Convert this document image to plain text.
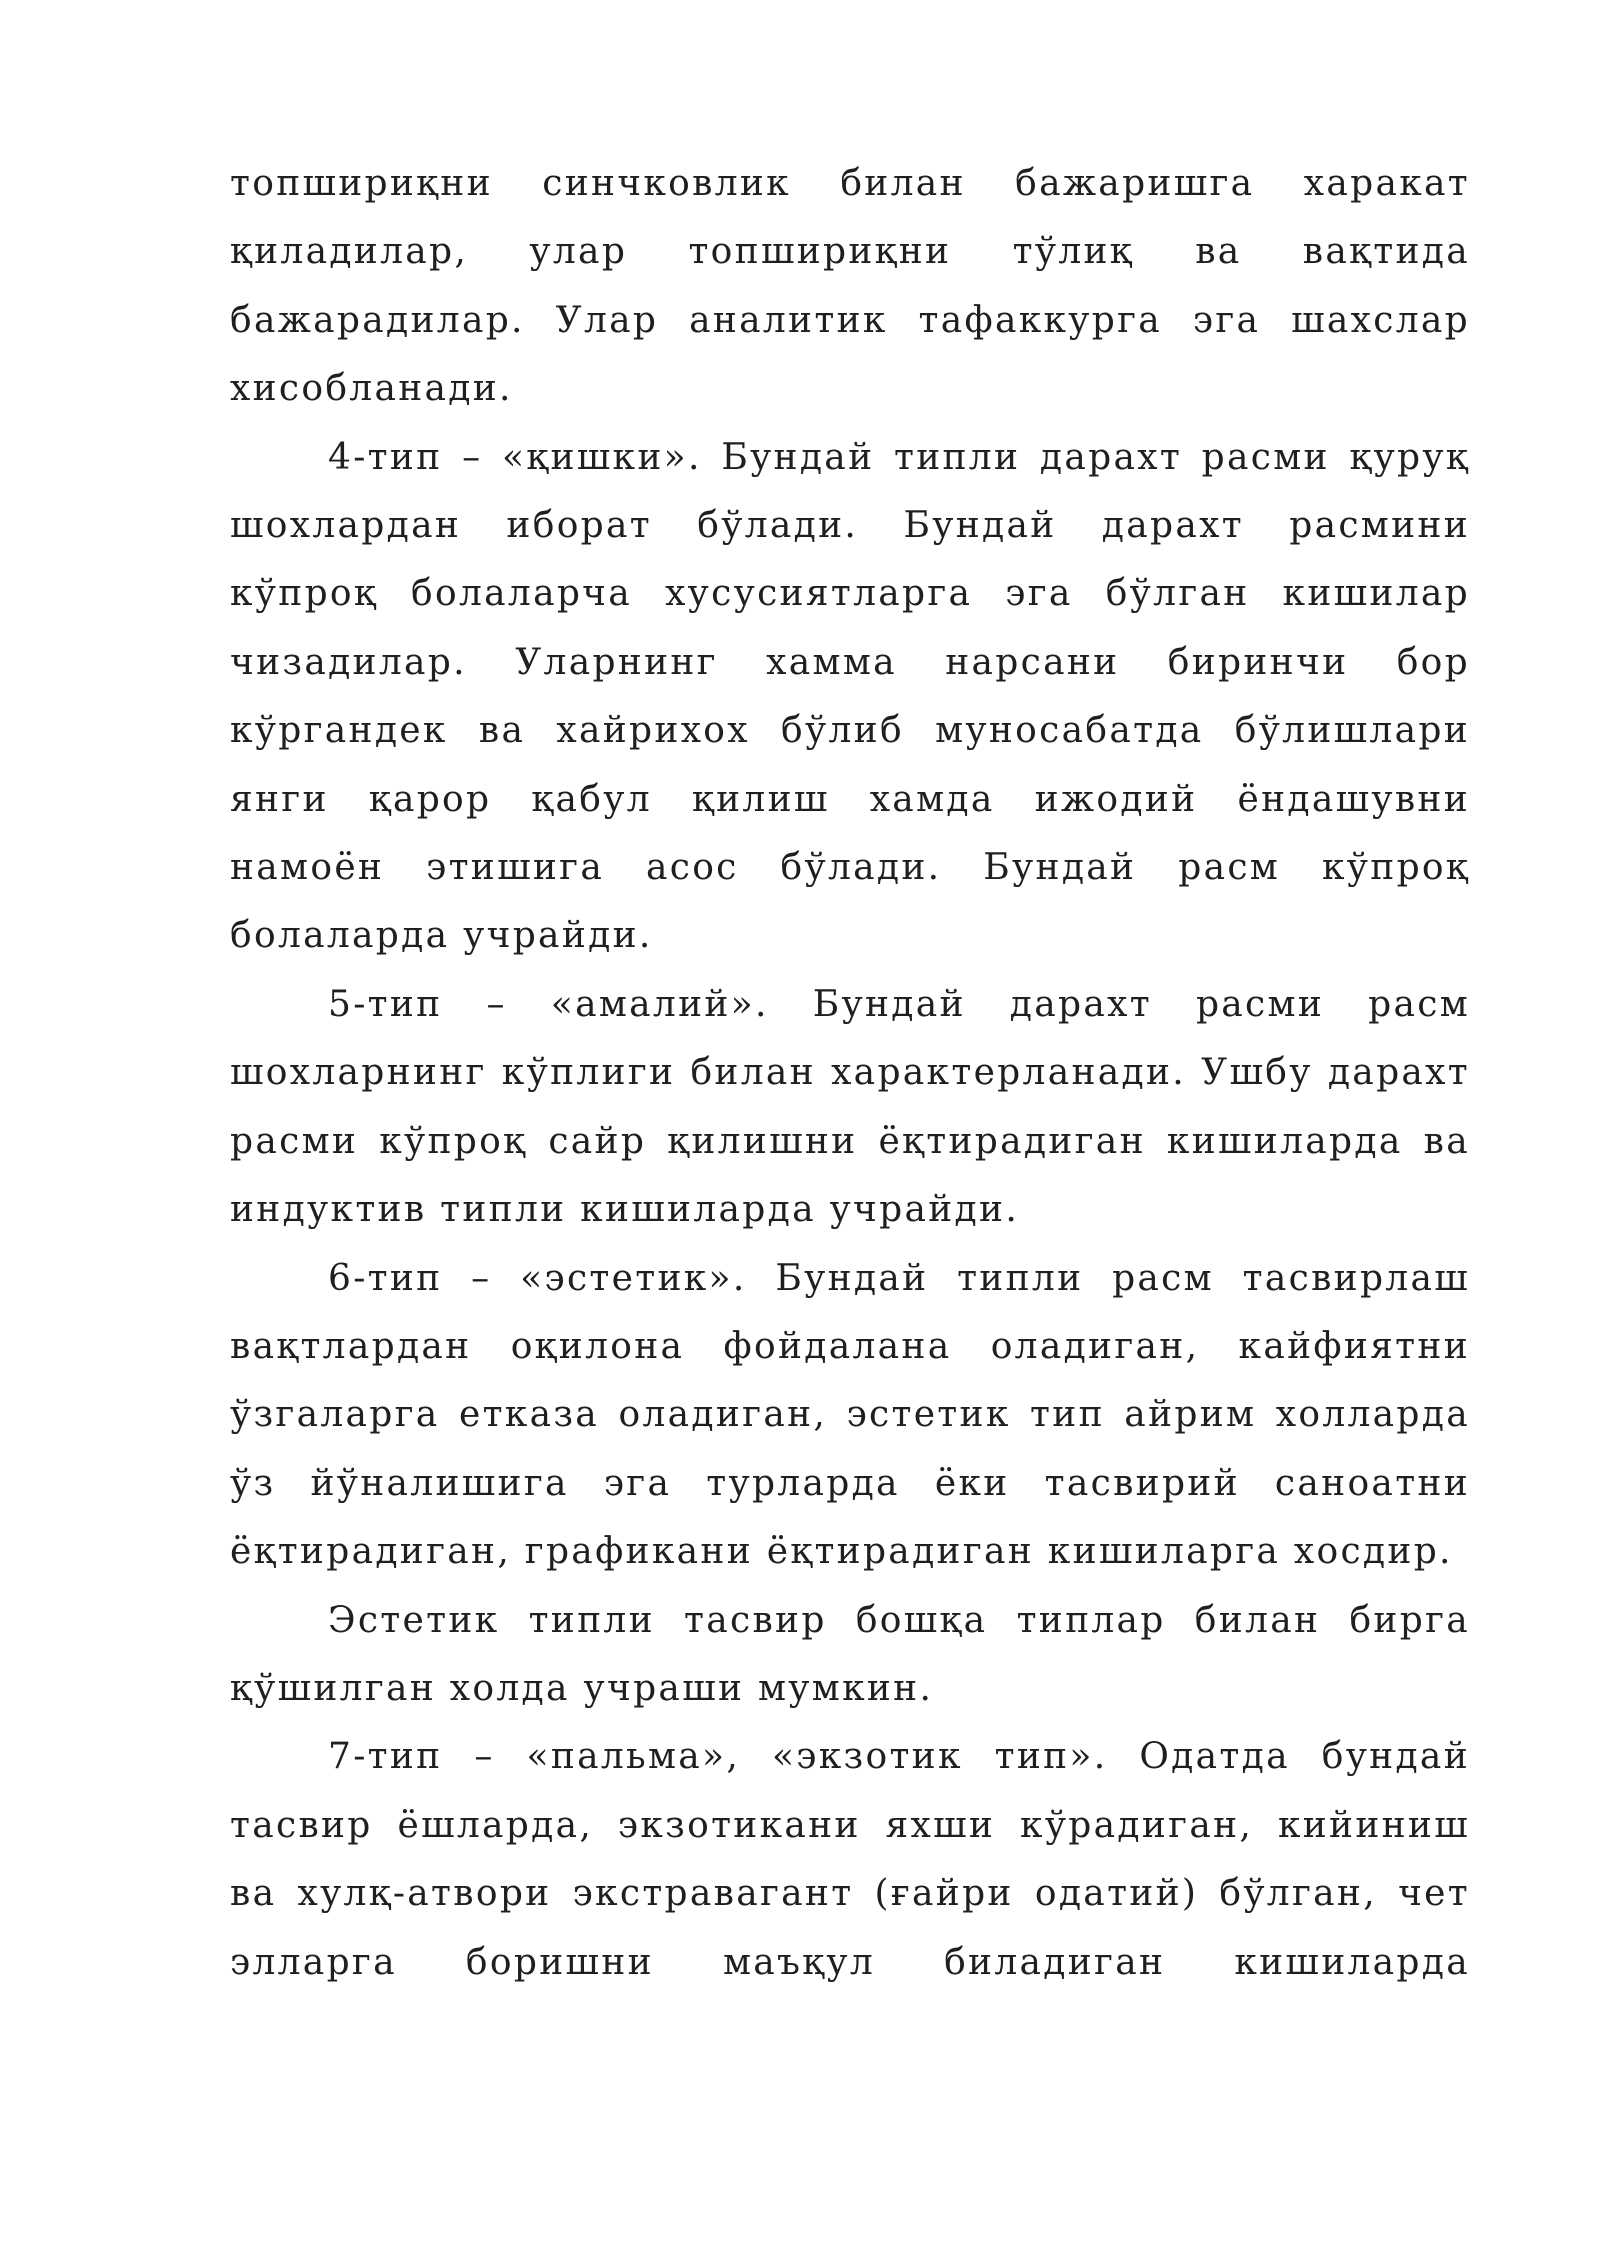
топшириқни синчковлик билан бажаришга харакат қиладилар, улар топшириқни тўлиқ ва вақтида бажарадилар. Улар аналитик тафаккурга эга шахслар хисобланади.

4-тип – «қишки». Бундай типли дарахт расми қуруқ шохлардан иборат бўлади. Бундай дарахт расмини кўпроқ болаларча хусусиятларга эга бўлган кишилар чизадилар. Уларнинг хамма нарсани биринчи бор кўргандек ва хайрихох бўлиб муносабатда бўлишлари янги қарор қабул қилиш хамда ижодий ёндашувни намоён этишига асос бўлади. Бундай расм кўпроқ болаларда учрайди.

5-тип – «амалий». Бундай дарахт расми расм шохларнинг кўплиги билан характерланади. Ушбу дарахт расми кўпроқ сайр қилишни ёқтирадиган кишиларда ва индуктив типли кишиларда учрайди.

6-тип – «эстетик». Бундай типли расм тасвирлаш вақтлардан оқилона фойдалана оладиган, кайфиятни ўзгаларга етказа оладиган, эстетик тип айрим холларда ўз йўналишига эга турларда ёки тасвирий саноатни ёқтирадиган, графикани ёқтирадиган кишиларга хосдир.

Эстетик типли тасвир бошқа типлар билан бирга қўшилган холда учраши мумкин.

7-тип – «пальма», «экзотик тип». Одатда бундай тасвир ёшларда, экзотикани яхши кўрадиган, кийиниш ва хулқ-атвори экстравагант (ғайри одатий) бўлган, чет элларга боришни маъқул биладиган кишиларда
